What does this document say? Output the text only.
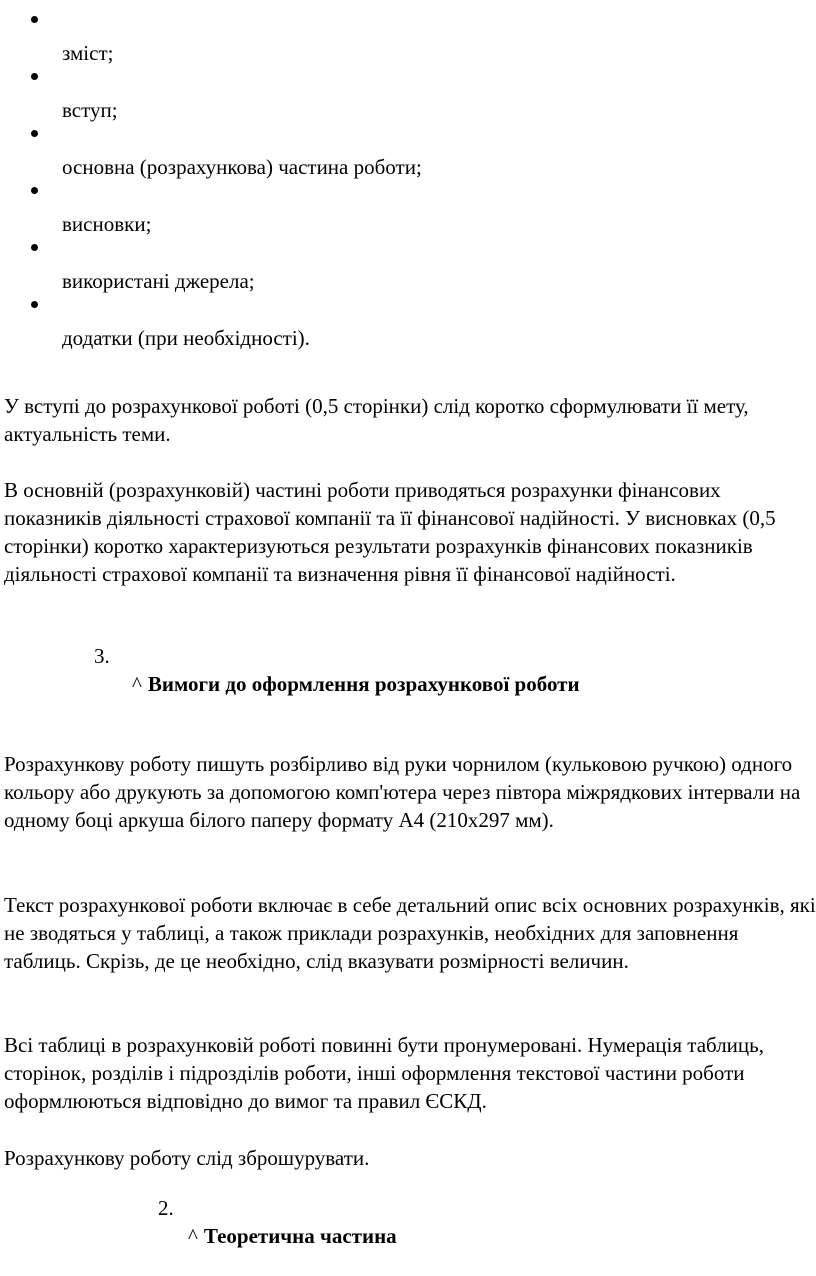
зміст;
вступ;
основна (розрахункова) частина роботи;
висновки;
використані джерела;
додатки (при необхідності).

У вступі до розрахункової роботі (0,5 сторінки) слід коротко сформулювати її мету, актуальність теми.

В основній (розрахунковій) частині роботи приводяться розрахунки фінансових показників діяльності страхової компанії та її фінансової надійності. У висновках (0,5 сторінки) коротко характеризуються результати розрахунків фінансових показників діяльності страхової компанії та визначення рівня її фінансової надійності.

3.
^ Вимоги до оформлення розрахункової роботи

Розрахункову роботу пишуть розбірливо від руки чорнилом (кульковою ручкою) одного кольору або друкують за допомогою комп'ютера через півтора міжрядкових інтервали на одному боці аркуша білого паперу формату А4 (210х297 мм).

Текст розрахункової роботи включає в себе детальний опис всіх основних розрахунків, які не зводяться у таблиці, а також приклади розрахунків, необхідних для заповнення таблиць. Скрізь, де це необхідно, слід вказувати розмірності величин.

Всі таблиці в розрахунковій роботі повинні бути пронумеровані. Нумерація таблиць, сторінок, розділів і підрозділів роботи, інші оформлення текстової частини роботи оформлюються відповідно до вимог та правил ЄСКД.

Розрахункову роботу слід зброшурувати.

2.
^ Теоретична частина
